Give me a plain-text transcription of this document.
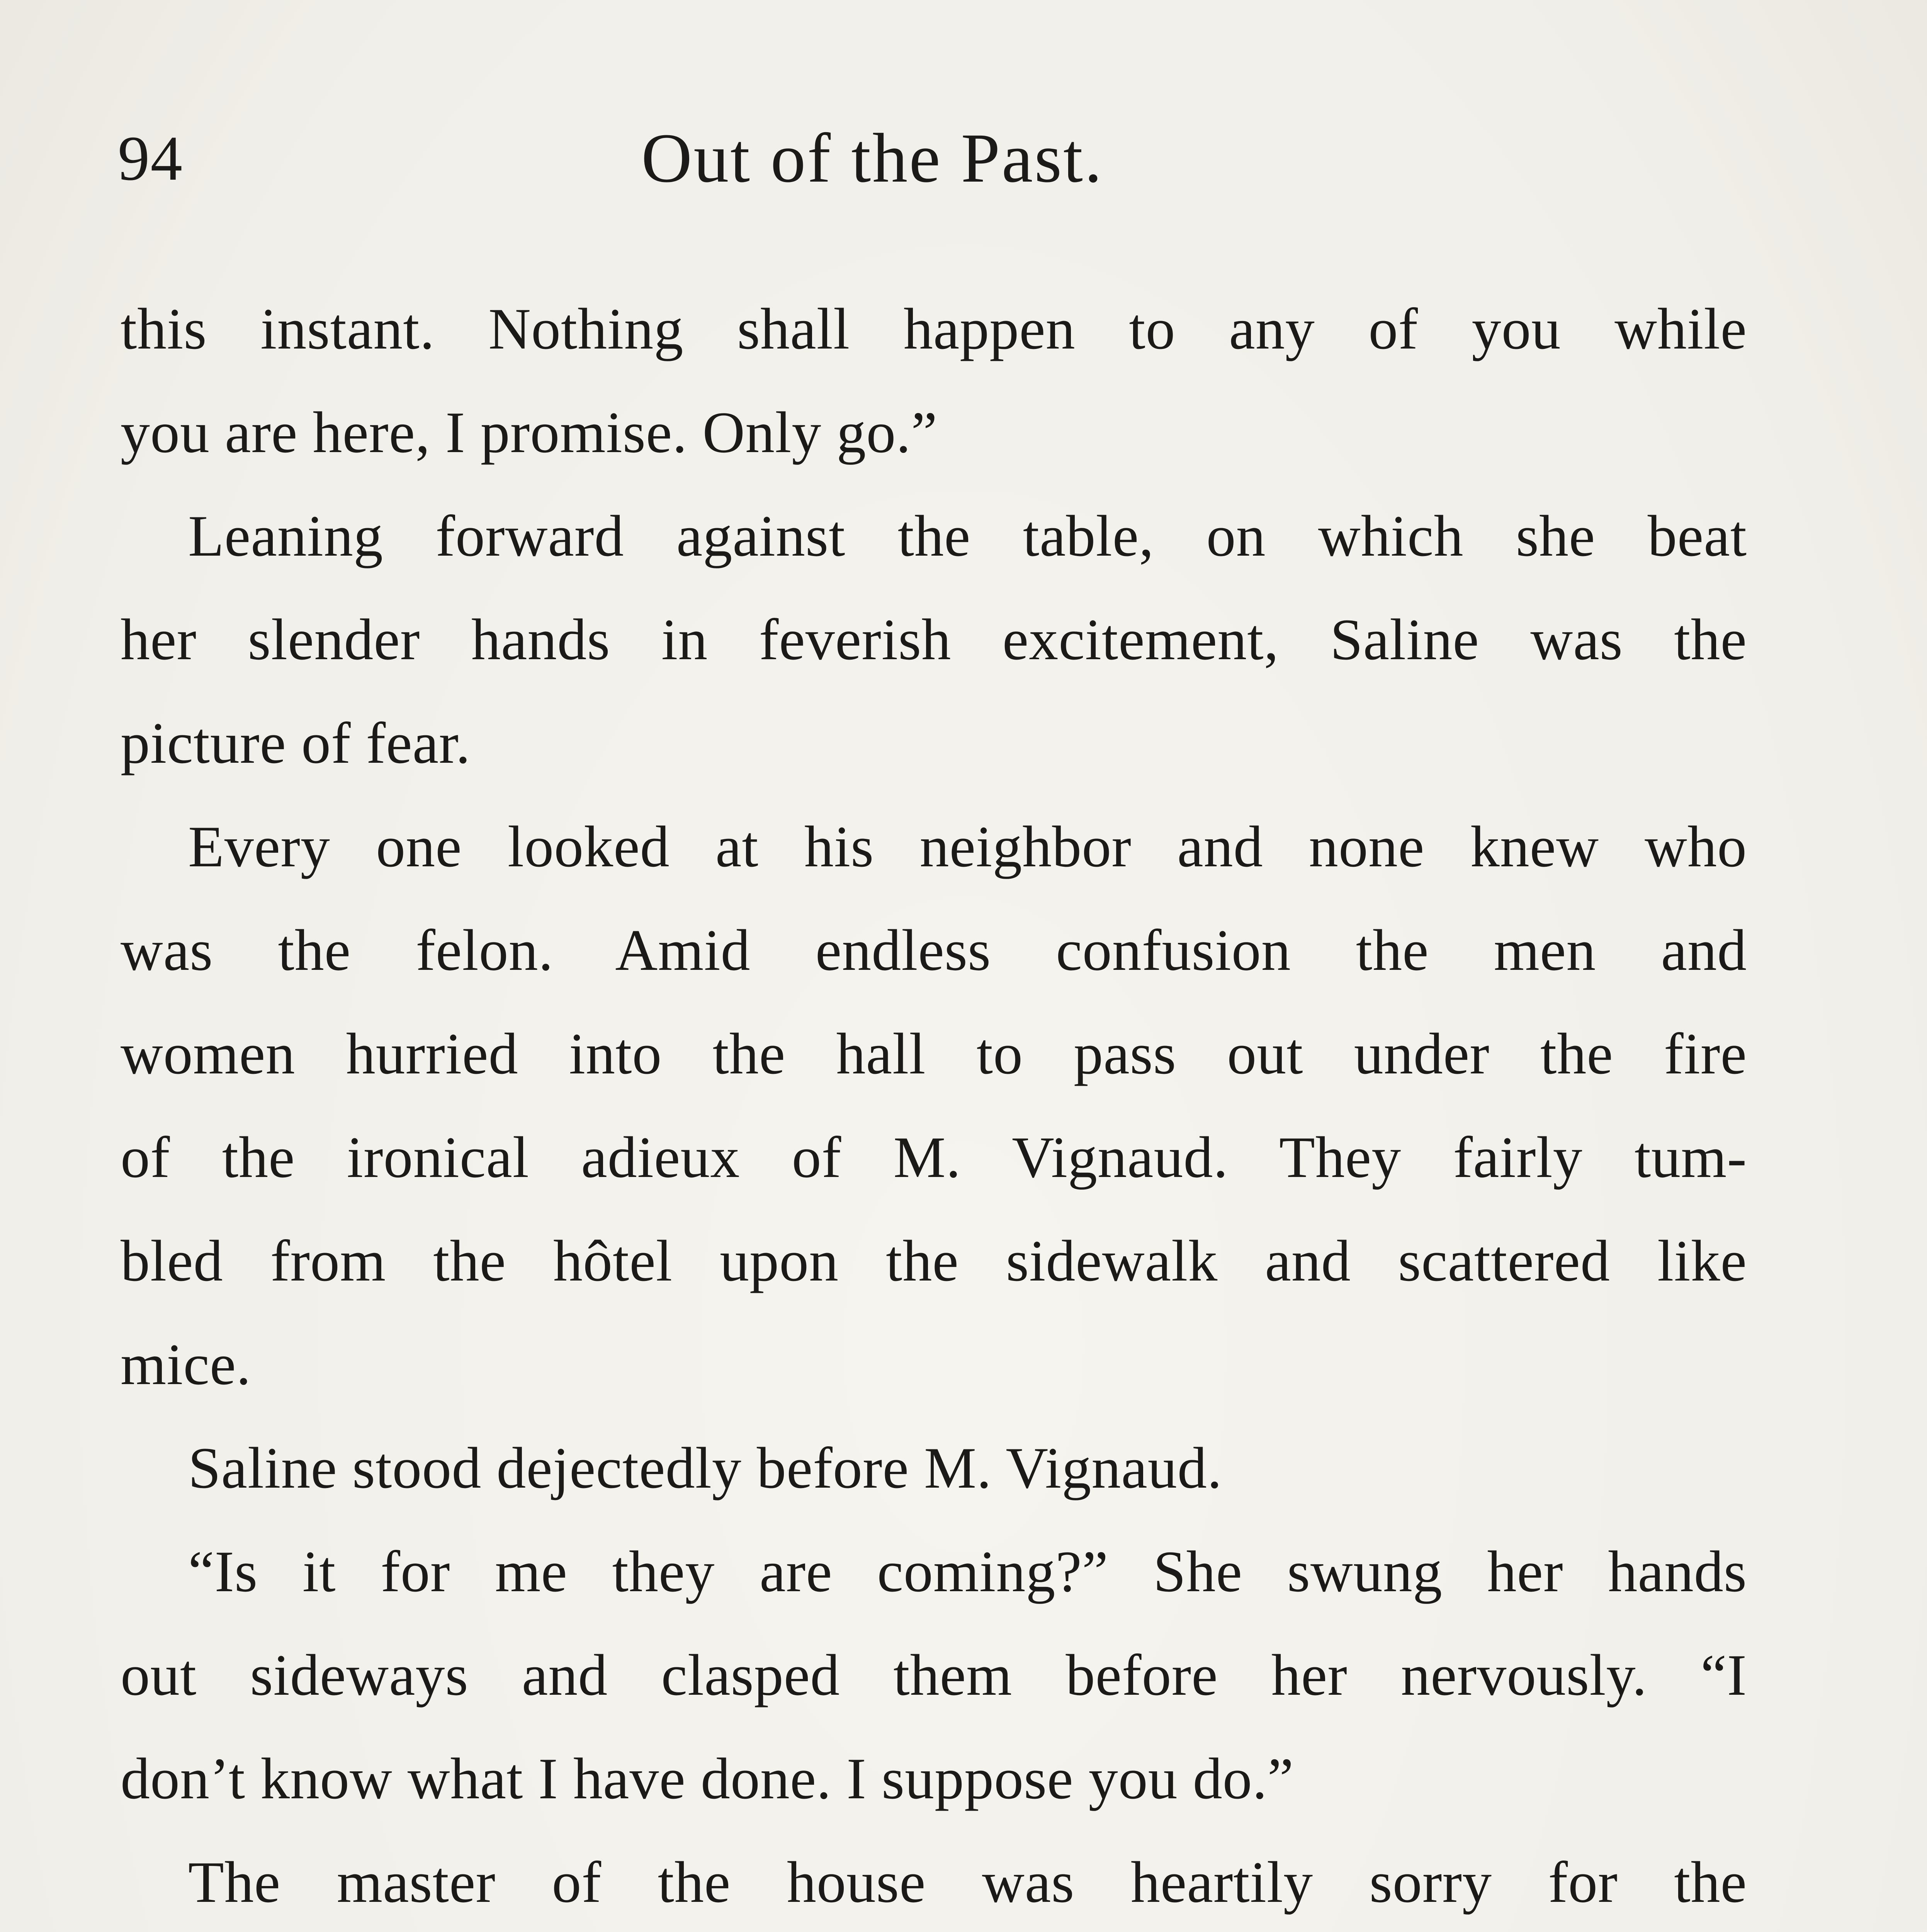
94	Out of the Past.
this instant. Nothing shall happen to any of you while
you are here, I promise. Only go.”
Leaning forward against the table, on which she beat
her slender hands in feverish excitement, Saline was the
picture of fear.
Every one looked at his neighbor and none knew who
was the felon. Amid endless confusion the men and
women hurried into the hall to pass out under the fire
of the ironical adieux of M. Vignaud. They fairly tum-
bled from the hôtel upon the sidewalk and scattered like
mice.
Saline stood dejectedly before M. Vignaud.
“Is it for me they are coming?” She swung her hands
out sideways and clasped them before her nervously. “I
don’t know what I have done. I suppose you do.”
The master of the house was heartily sorry for the
